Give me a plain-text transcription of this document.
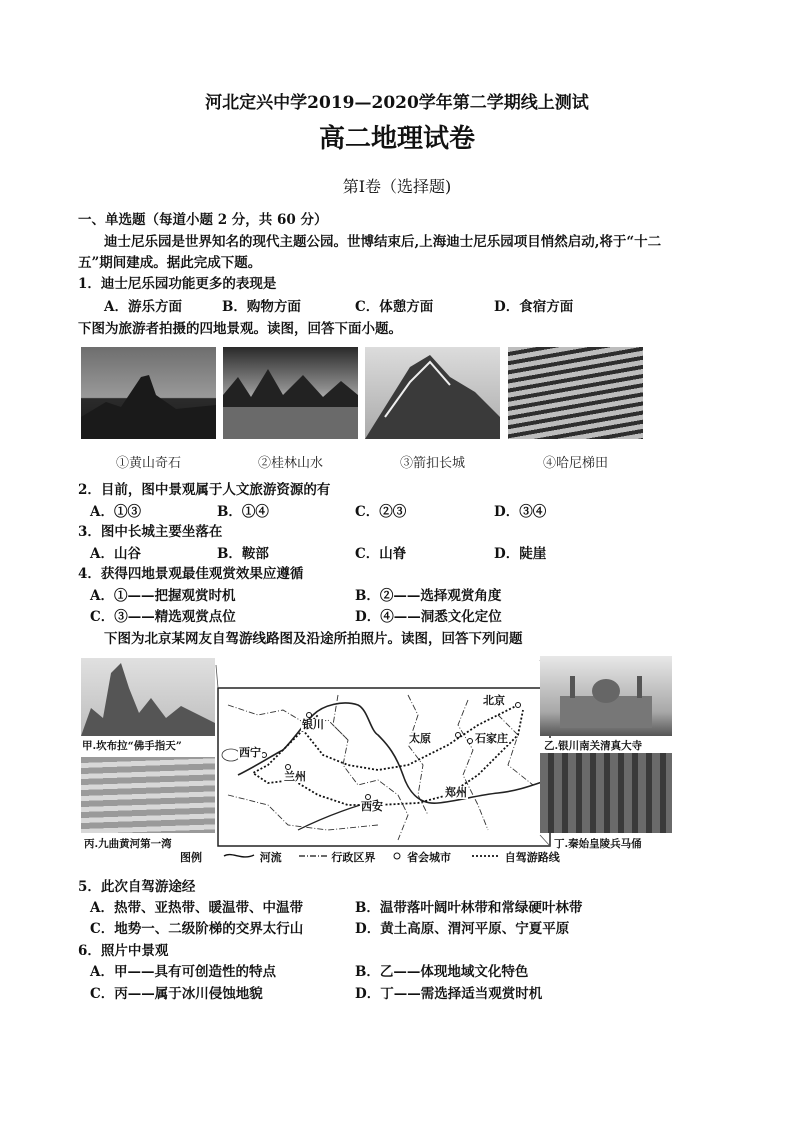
河北定兴中学2019—2020学年第二学期线上测试
高二地理试卷
第Ⅰ卷（选择题)
一、单选题（每道小题 2 分，共 60 分）
迪士尼乐园是世界知名的现代主题公园。世博结束后,上海迪士尼乐园项目悄然启动,将于“十二
五”期间建成。据此完成下题。
1．迪士尼乐园功能更多的表现是
A．游乐方面	B．购物方面	C．体憩方面	D．食宿方面
下图为旅游者拍摄的四地景观。读图，回答下面小题。
①黄山奇石	②桂林山水	③箭扣长城	④哈尼梯田
2．目前，图中景观属于人文旅游资源的有
A．①③	B．①④	C．②③	D．③④
3．图中长城主要坐落在
A．山谷	B．鞍部	C．山脊	D．陡崖
4．获得四地景观最佳观赏效果应遵循
A．①——把握观赏时机	B．②——选择观赏角度
C．③——精选观赏点位	D．④——洞悉文化定位
下图为北京某网友自驾游线路图及沿途所拍照片。读图，回答下列问题
甲.坎布拉“佛手指天”
丙.九曲黄河第一湾
乙.银川南关清真大寺
丁.秦始皇陵兵马俑
银川
北京
太原	石家庄
西宁
兰州
西安
郑州
图例	河流	行政区界	省会城市	自驾游路线
5．此次自驾游途经
A．热带、亚热带、暖温带、中温带	B．温带落叶阔叶林带和常绿硬叶林带
C．地势一、二级阶梯的交界太行山	D．黄土高原、渭河平原、宁夏平原
6．照片中景观
A．甲——具有可创造性的特点	B．乙——体现地域文化特色
C．丙——属于冰川侵蚀地貌	D．丁——需选择适当观赏时机
